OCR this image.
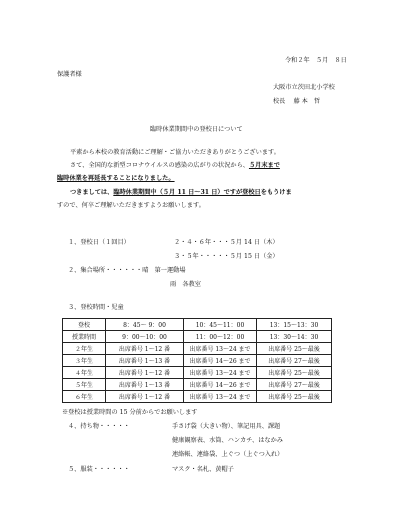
令和２年　５月　８日
保護者様
大阪市立茨田北小学校
校長　 藤 本　哲
臨時休業期間中の登校日について
平素から本校の教育活動にご理解・ご協力いただきありがとうございます。
さて、全国的な新型コロナウイルスの感染の広がりの状況から、５月末まで
臨時休業を再延長することになりました。
つきましては、臨時休業期間中（５月 11 日～31 日）ですが登校日をもうけま
すので、何卒ご理解いただきますようお願いします。
１、登校日（１回目）	２・４・６年・・・５月 14 日（木）
３・５年・・・・・５月 15 日（金）
２、集合場所・・・・・・晴　第一運動場
雨　各教室
３、登校時間・児童
登校	8：45～ 9：00	10：45～11：00	13：15～13：30
授業時間	9：00～10：00	11：00～12：00	13：30～14：30
２年生	出席番号 1～12 番	出席番号 13～24 まで	出席番号 25～最後
３年生	出席番号 1～13 番	出席番号 14～26 まで	出席番号 27～最後
４年生	出席番号 1～12 番	出席番号 13～24 まで	出席番号 25～最後
５年生	出席番号 1～13 番	出席番号 14～26 まで	出席番号 27～最後
６年生	出席番号 1～12 番	出席番号 13～24 まで	出席番号 25～最後
※登校は授業時間の 15 分前からでお願いします
４、持ち物・・・・・	手さげ袋（大きい物）、筆記用具、課題
健康観察表、水筒、ハンカチ、はなかみ
連絡帳、連絡袋、上ぐつ（上ぐつ入れ）
５、服装・・・・・・	マスク・名札、黄帽子
